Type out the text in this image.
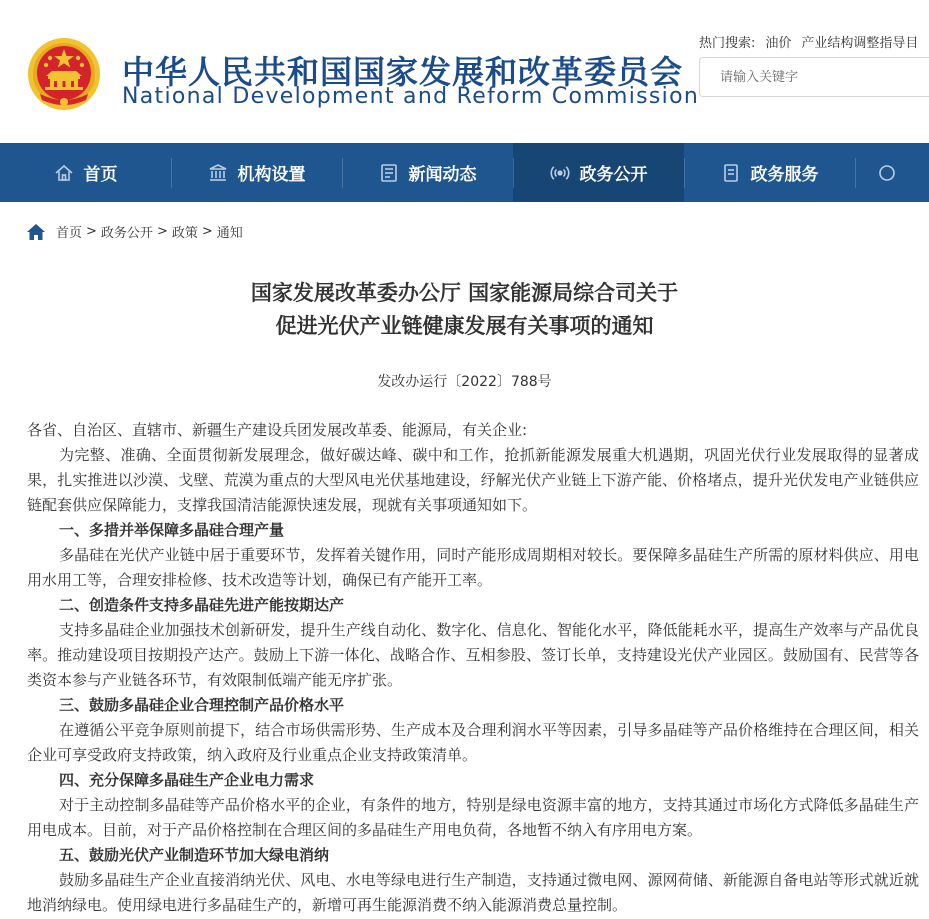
中华人民共和国国家发展和改革委员会
National Development and Reform Commission
热门搜索: 油价 产业结构调整指导目
请输入关键字
首页	机构设置	新闻动态	政务公开	政务服务
首页 > 政务公开 > 政策 > 通知
国家发展改革委办公厅 国家能源局综合司关于
促进光伏产业链健康发展有关事项的通知
发改办运行〔2022〕788号

各省、自治区、直辖市、新疆生产建设兵团发展改革委、能源局，有关企业:

为完整、准确、全面贯彻新发展理念，做好碳达峰、碳中和工作，抢抓新能源发展重大机遇期，巩固光伏行业发展取得的显著成果，扎实推进以沙漠、戈壁、荒漠为重点的大型风电光伏基地建设，纾解光伏产业链上下游产能、价格堵点，提升光伏发电产业链供应链配套供应保障能力，支撑我国清洁能源快速发展，现就有关事项通知如下。

一、多措并举保障多晶硅合理产量

多晶硅在光伏产业链中居于重要环节，发挥着关键作用，同时产能形成周期相对较长。要保障多晶硅生产所需的原材料供应、用电用水用工等，合理安排检修、技术改造等计划，确保已有产能开工率。

二、创造条件支持多晶硅先进产能按期达产

支持多晶硅企业加强技术创新研发，提升生产线自动化、数字化、信息化、智能化水平，降低能耗水平，提高生产效率与产品优良率。推动建设项目按期投产达产。鼓励上下游一体化、战略合作、互相参股、签订长单，支持建设光伏产业园区。鼓励国有、民营等各类资本参与产业链各环节，有效限制低端产能无序扩张。

三、鼓励多晶硅企业合理控制产品价格水平

在遵循公平竞争原则前提下，结合市场供需形势、生产成本及合理利润水平等因素，引导多晶硅等产品价格维持在合理区间，相关企业可享受政府支持政策，纳入政府及行业重点企业支持政策清单。

四、充分保障多晶硅生产企业电力需求

对于主动控制多晶硅等产品价格水平的企业，有条件的地方，特别是绿电资源丰富的地方，支持其通过市场化方式降低多晶硅生产用电成本。目前，对于产品价格控制在合理区间的多晶硅生产用电负荷，各地暂不纳入有序用电方案。

五、鼓励光伏产业制造环节加大绿电消纳

鼓励多晶硅生产企业直接消纳光伏、风电、水电等绿电进行生产制造，支持通过微电网、源网荷储、新能源自备电站等形式就近就地消纳绿电。使用绿电进行多晶硅生产的，新增可再生能源消费不纳入能源消费总量控制。
